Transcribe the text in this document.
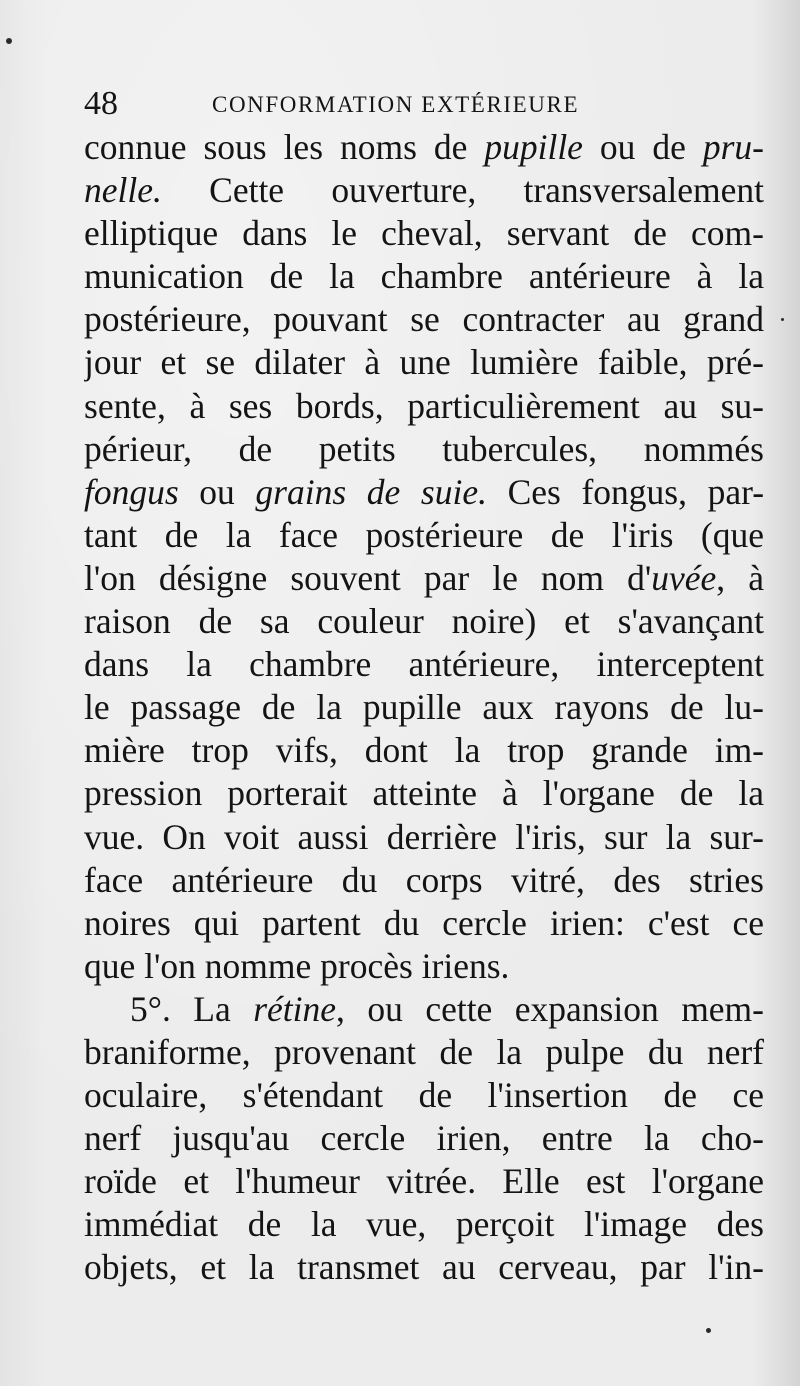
48	CONFORMATION EXTÉRIEURE
connue sous les noms de pupille ou de pru-
nelle. Cette ouverture, transversalement
elliptique dans le cheval, servant de com-
munication de la chambre antérieure à la
postérieure, pouvant se contracter au grand
jour et se dilater à une lumière faible, pré-
sente, à ses bords, particulièrement au su-
périeur, de petits tubercules, nommés
fongus ou grains de suie. Ces fongus, par-
tant de la face postérieure de l'iris (que
l'on désigne souvent par le nom d'uvée, à
raison de sa couleur noire) et s'avançant
dans la chambre antérieure, interceptent
le passage de la pupille aux rayons de lu-
mière trop vifs, dont la trop grande im-
pression porterait atteinte à l'organe de la
vue. On voit aussi derrière l'iris, sur la sur-
face antérieure du corps vitré, des stries
noires qui partent du cercle irien: c'est ce
que l'on nomme procès iriens.
5°. La rétine, ou cette expansion mem-
braniforme, provenant de la pulpe du nerf
oculaire, s'étendant de l'insertion de ce
nerf jusqu'au cercle irien, entre la cho-
roïde et l'humeur vitrée. Elle est l'organe
immédiat de la vue, perçoit l'image des
objets, et la transmet au cerveau, par l'in-
